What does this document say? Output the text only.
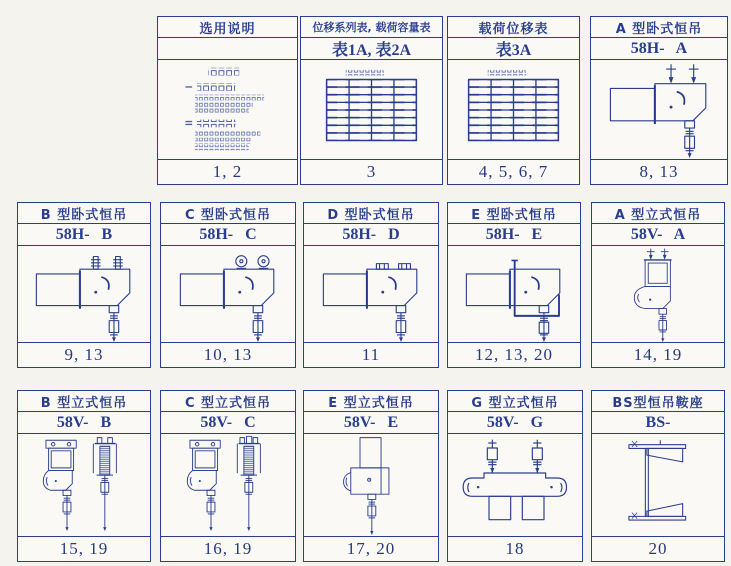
选用说明
1, 2
位移系列表, 载荷容量表
表1A, 表2A
3
载荷位移表
表3A
4, 5, 6, 7
A 型卧式恒吊
58H-   A
8, 13
B 型卧式恒吊
58H-   B
9, 13
C 型卧式恒吊
58H-   C
10, 13
D 型卧式恒吊
58H-   D
11
E 型卧式恒吊
58H-   E
12, 13, 20
A 型立式恒吊
58V-   A
14, 19
B 型立式恒吊
58V-   B
15, 19
C 型立式恒吊
58V-   C
16, 19
E 型立式恒吊
58V-   E
17, 20
G 型立式恒吊
58V-   G
18
BS型恒吊鞍座
BS-
20
